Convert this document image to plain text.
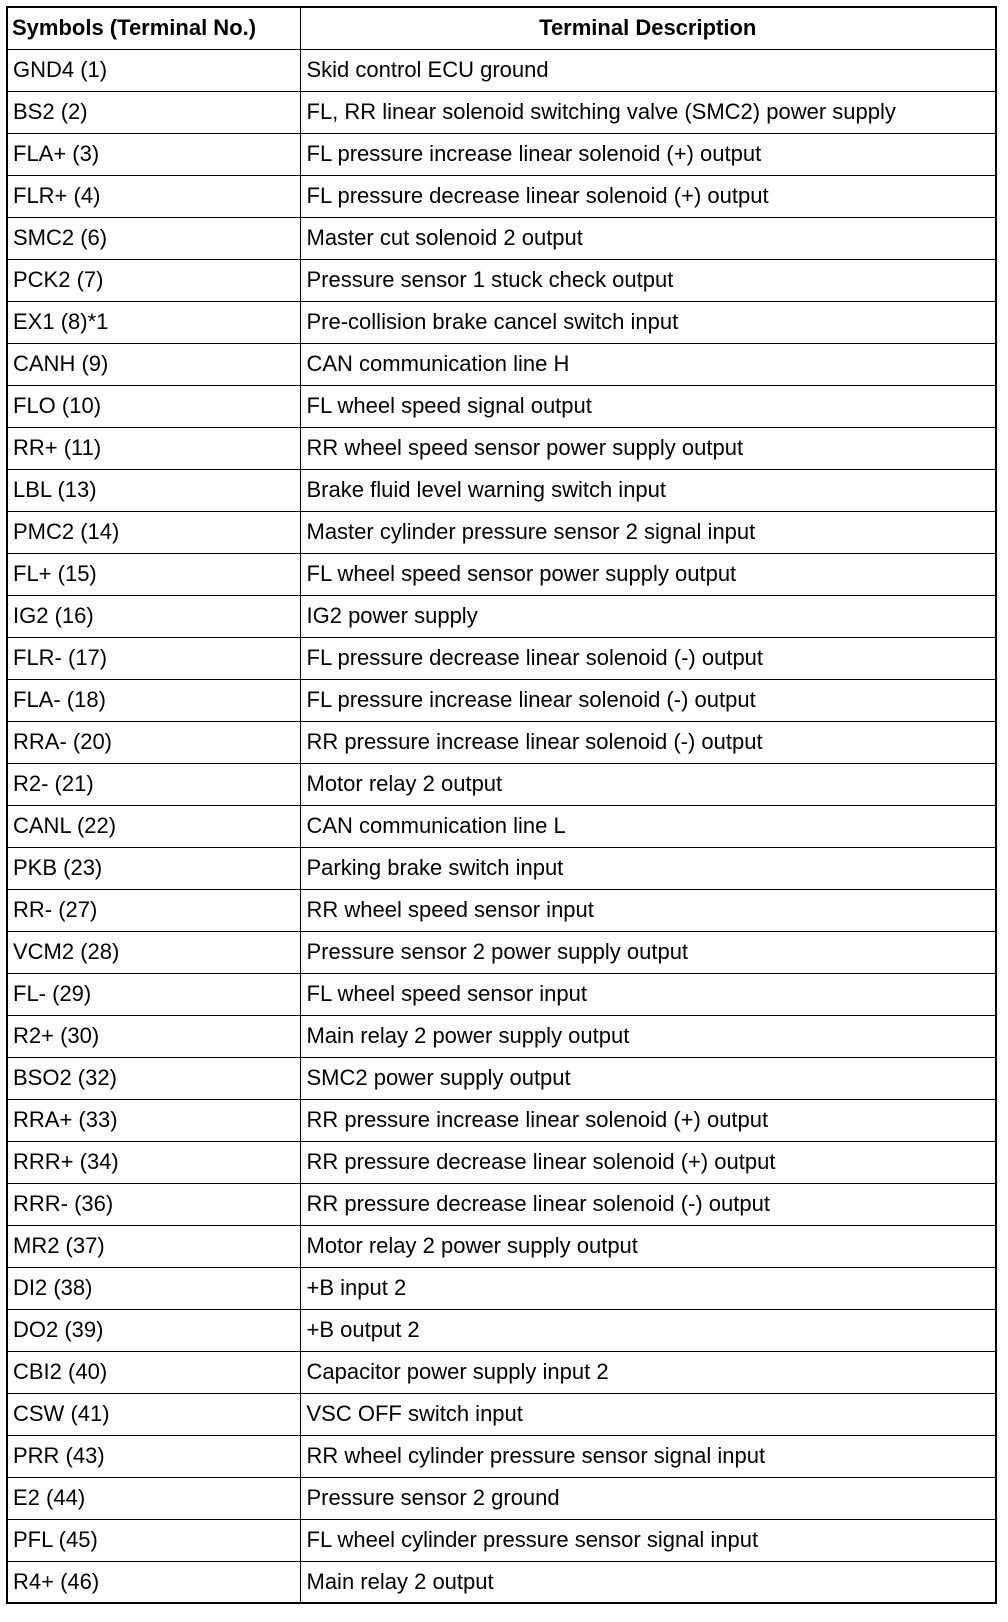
Symbols (Terminal No.)	Terminal Description
GND4 (1)	Skid control ECU ground
BS2 (2)	FL, RR linear solenoid switching valve (SMC2) power supply
FLA+ (3)	FL pressure increase linear solenoid (+) output
FLR+ (4)	FL pressure decrease linear solenoid (+) output
SMC2 (6)	Master cut solenoid 2 output
PCK2 (7)	Pressure sensor 1 stuck check output
EX1 (8)*1	Pre-collision brake cancel switch input
CANH (9)	CAN communication line H
FLO (10)	FL wheel speed signal output
RR+ (11)	RR wheel speed sensor power supply output
LBL (13)	Brake fluid level warning switch input
PMC2 (14)	Master cylinder pressure sensor 2 signal input
FL+ (15)	FL wheel speed sensor power supply output
IG2 (16)	IG2 power supply
FLR- (17)	FL pressure decrease linear solenoid (-) output
FLA- (18)	FL pressure increase linear solenoid (-) output
RRA- (20)	RR pressure increase linear solenoid (-) output
R2- (21)	Motor relay 2 output
CANL (22)	CAN communication line L
PKB (23)	Parking brake switch input
RR- (27)	RR wheel speed sensor input
VCM2 (28)	Pressure sensor 2 power supply output
FL- (29)	FL wheel speed sensor input
R2+ (30)	Main relay 2 power supply output
BSO2 (32)	SMC2 power supply output
RRA+ (33)	RR pressure increase linear solenoid (+) output
RRR+ (34)	RR pressure decrease linear solenoid (+) output
RRR- (36)	RR pressure decrease linear solenoid (-) output
MR2 (37)	Motor relay 2 power supply output
DI2 (38)	+B input 2
DO2 (39)	+B output 2
CBI2 (40)	Capacitor power supply input 2
CSW (41)	VSC OFF switch input
PRR (43)	RR wheel cylinder pressure sensor signal input
E2 (44)	Pressure sensor 2 ground
PFL (45)	FL wheel cylinder pressure sensor signal input
R4+ (46)	Main relay 2 output
